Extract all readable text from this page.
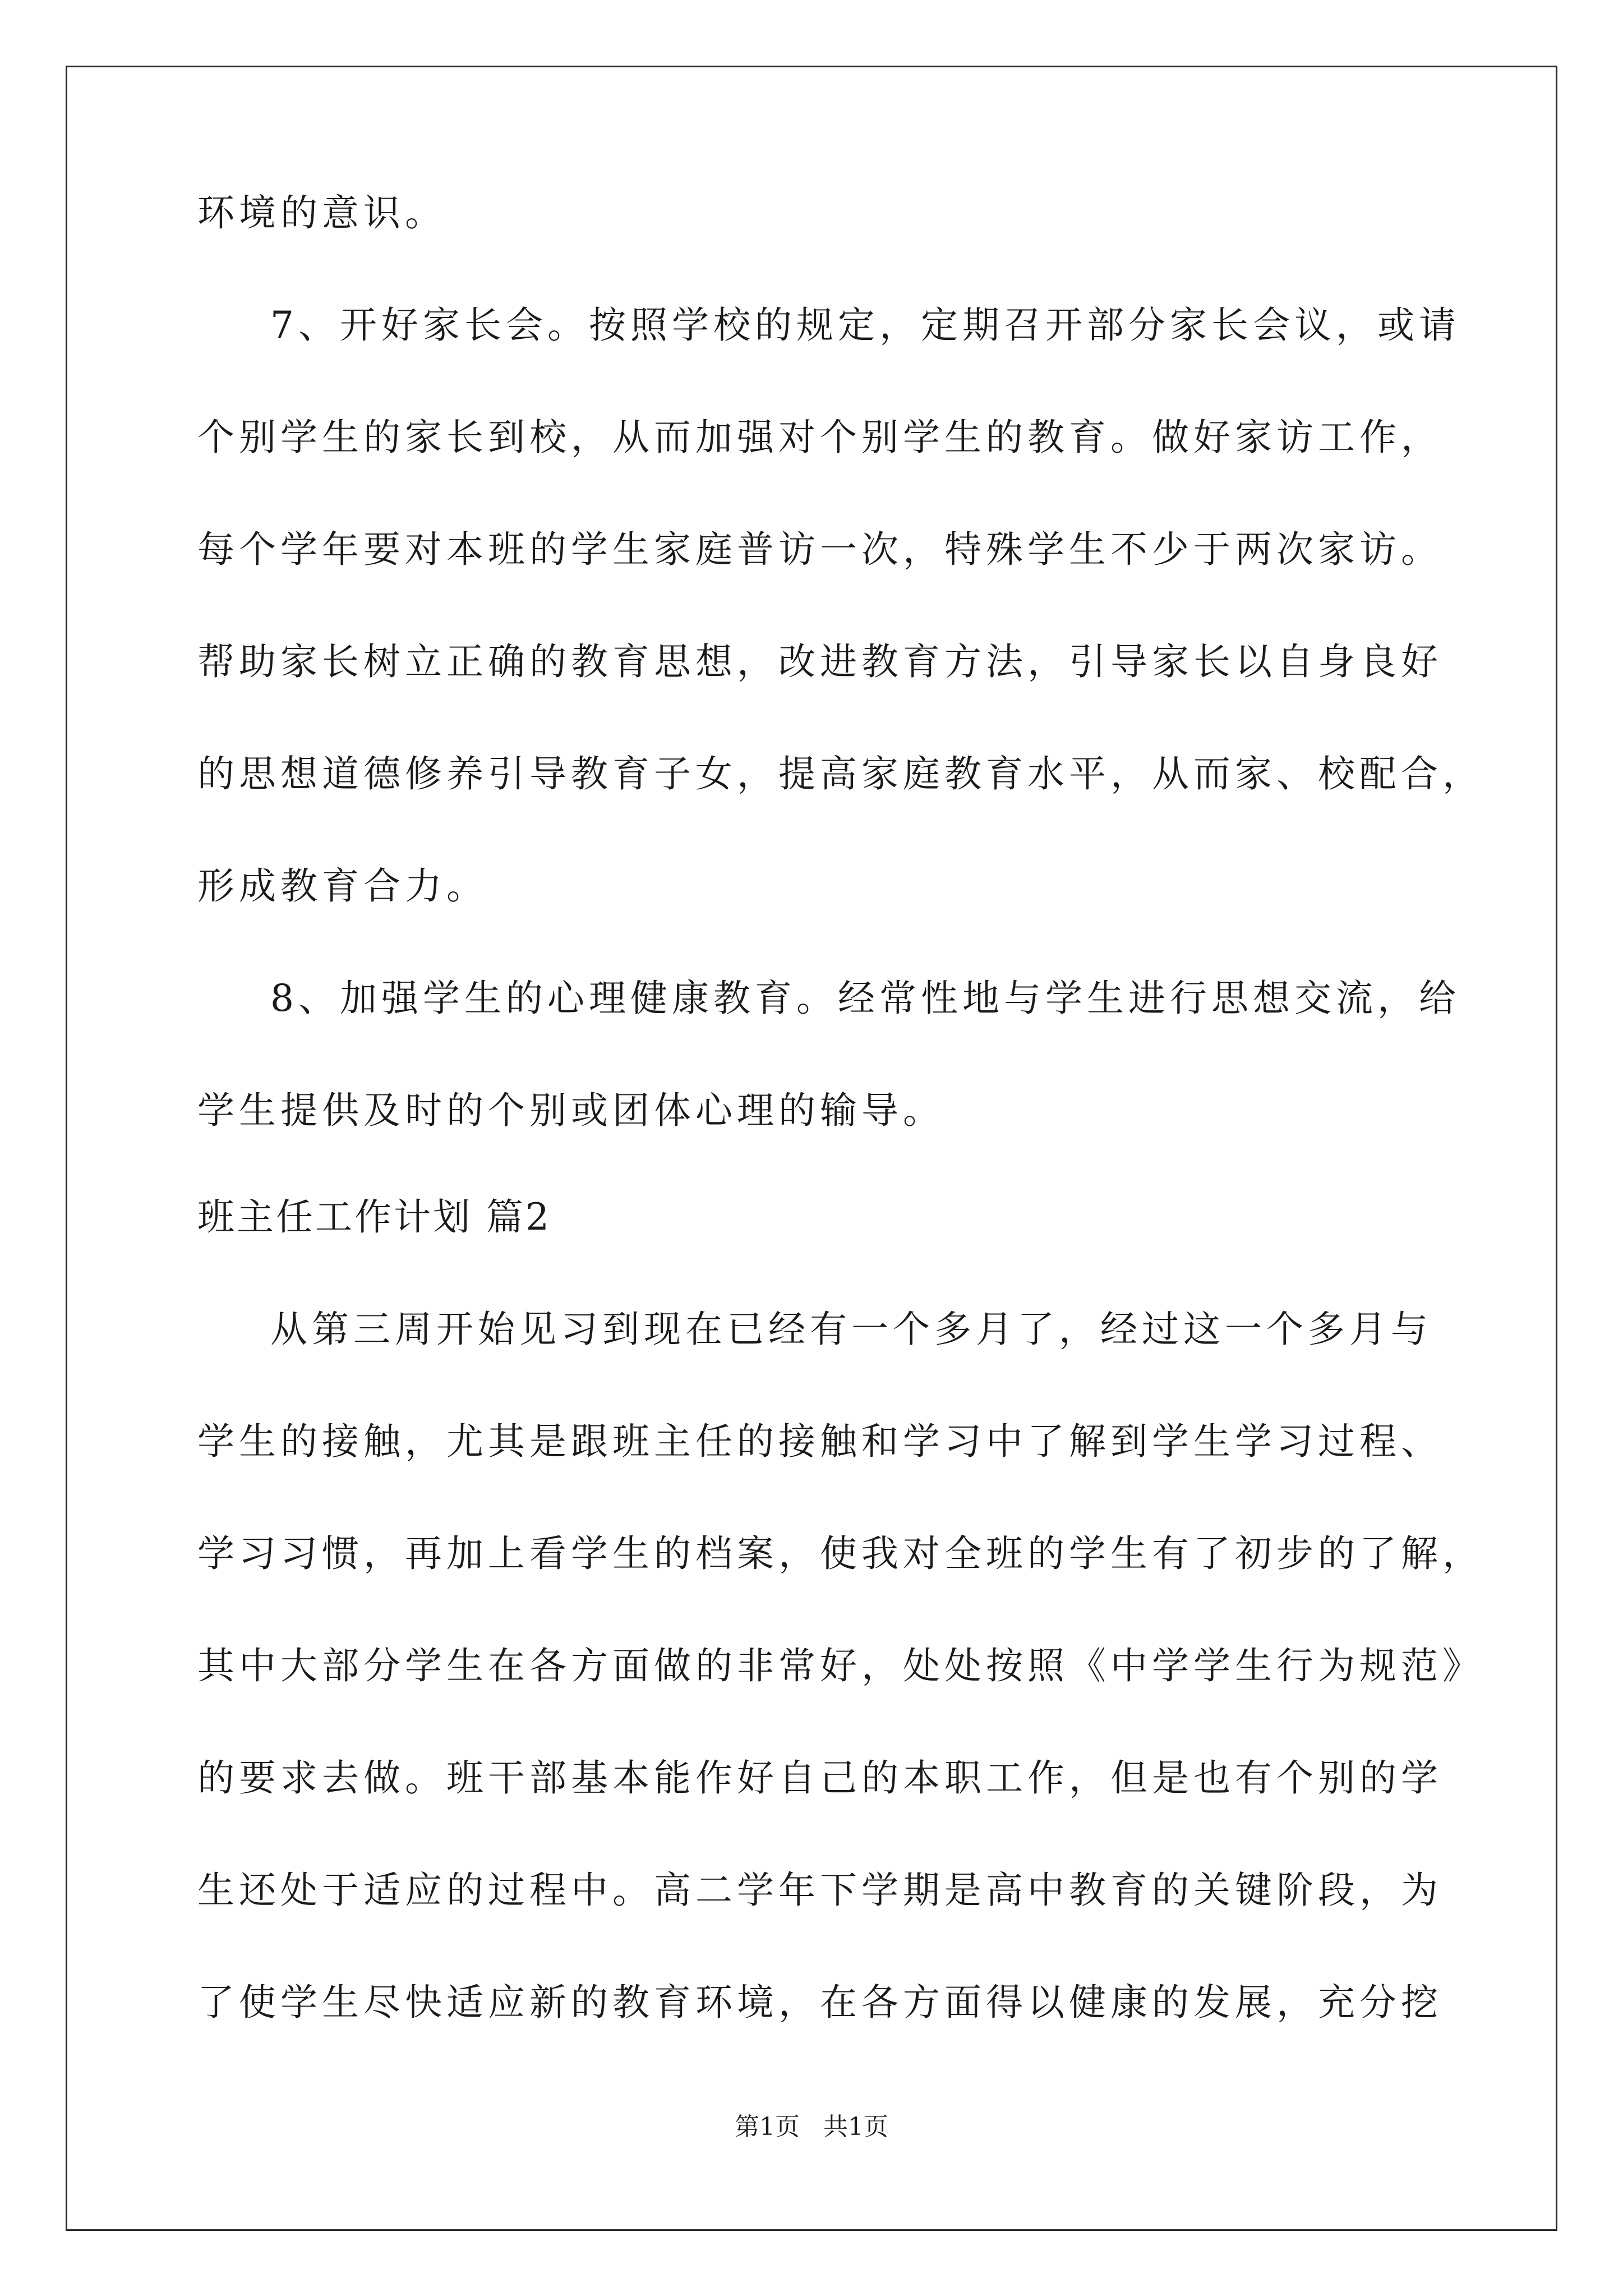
环境的意识。
7、开好家长会。按照学校的规定，定期召开部分家长会议，或请
个别学生的家长到校，从而加强对个别学生的教育。做好家访工作，
每个学年要对本班的学生家庭普访一次，特殊学生不少于两次家访。
帮助家长树立正确的教育思想，改进教育方法，引导家长以自身良好
的思想道德修养引导教育子女，提高家庭教育水平，从而家、校配合，
形成教育合力。
8、加强学生的心理健康教育。经常性地与学生进行思想交流，给
学生提供及时的个别或团体心理的输导。
班主任工作计划 篇2
从第三周开始见习到现在已经有一个多月了，经过这一个多月与
学生的接触，尤其是跟班主任的接触和学习中了解到学生学习过程、
学习习惯，再加上看学生的档案，使我对全班的学生有了初步的了解，
其中大部分学生在各方面做的非常好，处处按照《中学学生行为规范》
的要求去做。班干部基本能作好自己的本职工作，但是也有个别的学
生还处于适应的过程中。高二学年下学期是高中教育的关键阶段，为
了使学生尽快适应新的教育环境，在各方面得以健康的发展，充分挖
第1页   共1页
